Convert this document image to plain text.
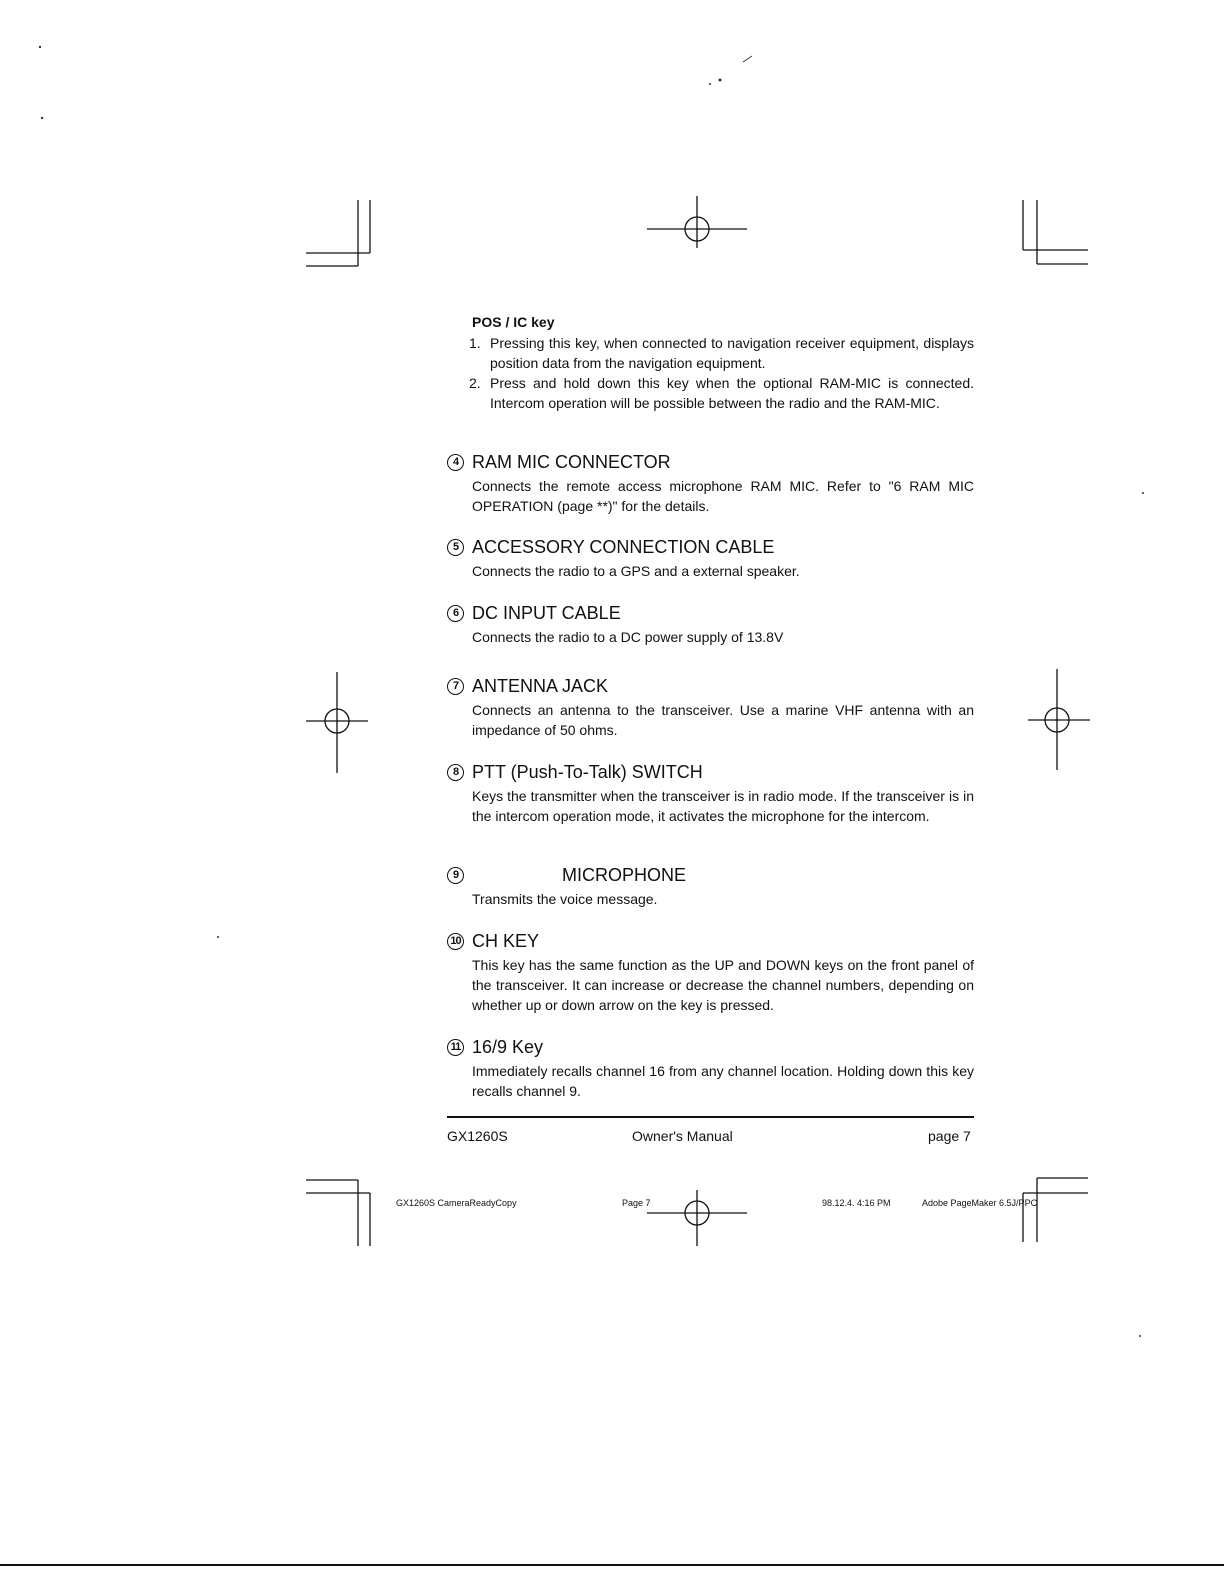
POS / IC key

1. Pressing this key, when connected to navigation receiver equipment, displays position data from the navigation equipment.
2. Press and hold down this key when the optional RAM-MIC is connected. Intercom operation will be possible between the radio and the RAM-MIC.
4 RAM MIC CONNECTOR
Connects the remote access microphone RAM MIC. Refer to "6 RAM MIC OPERATION (page **)" for the details.
5 ACCESSORY CONNECTION CABLE
Connects the radio to a GPS and a external speaker.
6 DC INPUT CABLE
Connects the radio to a DC power supply of 13.8V
7 ANTENNA JACK
Connects an antenna to the transceiver. Use a marine VHF antenna with an impedance of 50 ohms.
8 PTT (Push-To-Talk) SWITCH
Keys the transmitter when the transceiver is in radio mode. If the transceiver is in the intercom operation mode, it activates the microphone for the intercom.
9	MICROPHONE
Transmits the voice message.
10 CH KEY
This key has the same function as the UP and DOWN keys on the front panel of the transceiver. It can increase or decrease the channel numbers, depending on whether up or down arrow on the key is pressed.
11 16/9 Key
Immediately recalls channel 16 from any channel location. Holding down this key recalls channel 9.
GX1260S	Owner's Manual	page 7
GX1260S CameraReadyCopy	Page 7	98.12.4. 4:16 PM	Adobe PageMaker 6.5J/PPC
